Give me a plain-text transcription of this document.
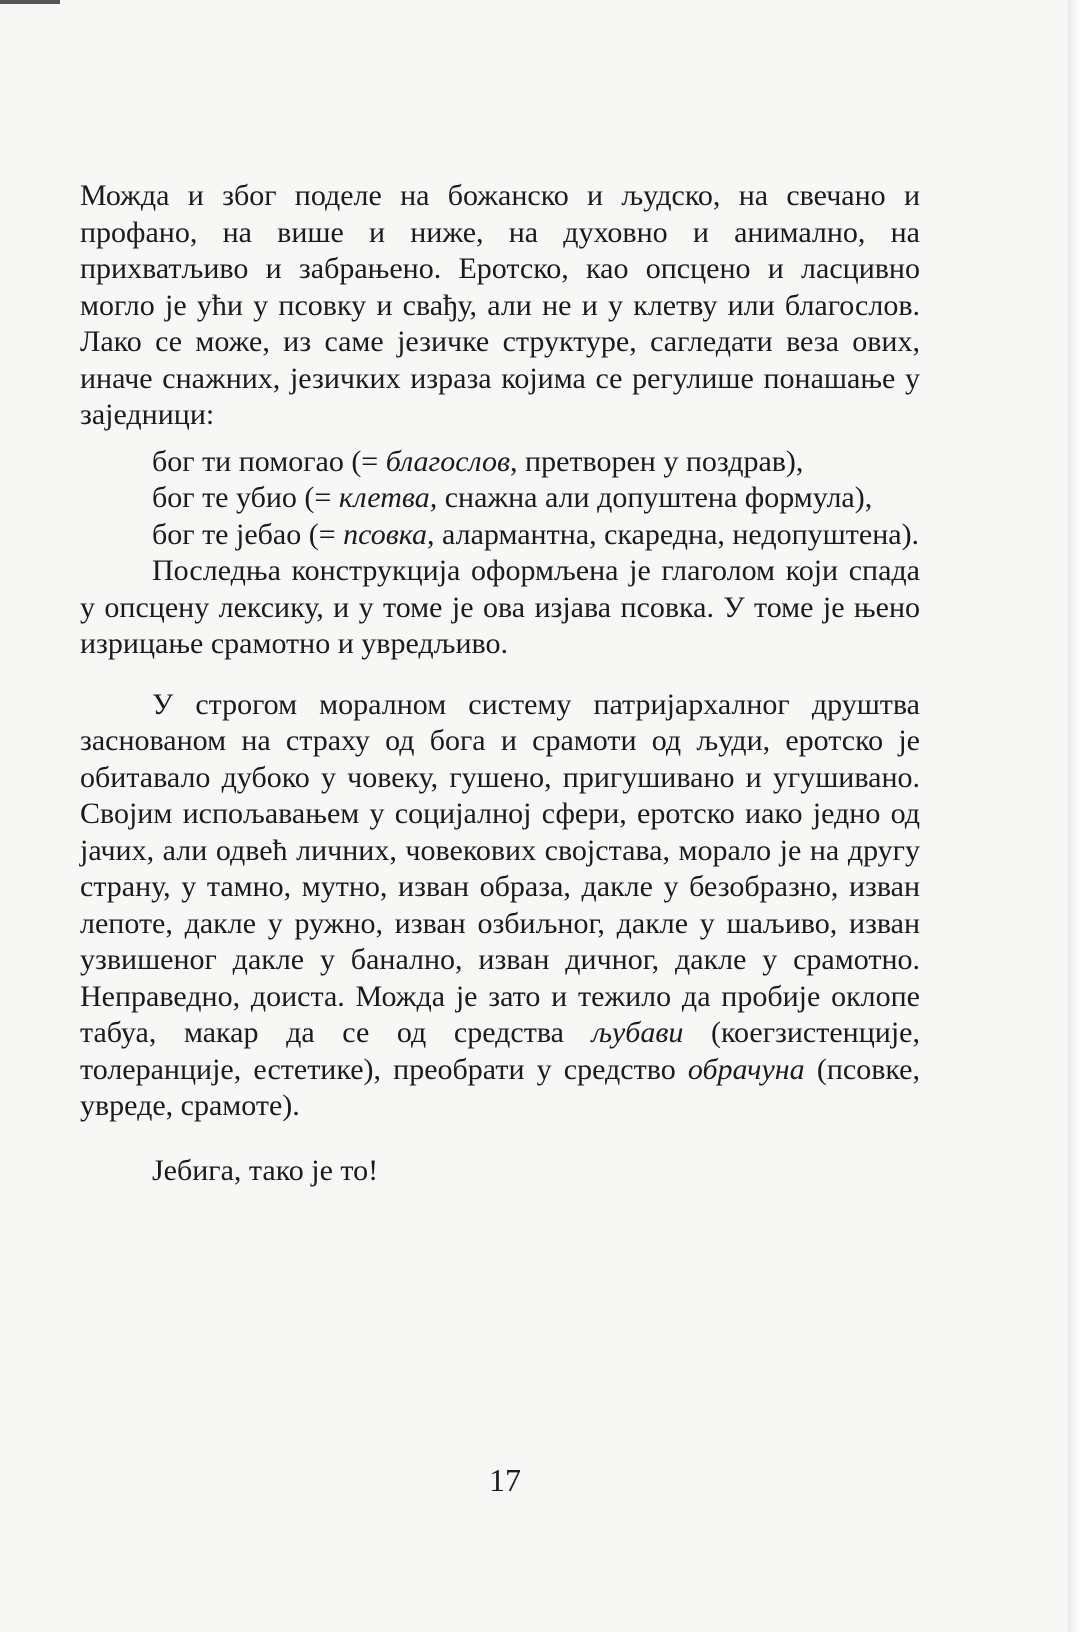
Можда и због поделе на божанско и људско, на свечано и профано, на више и ниже, на духовно и анимално, на прихватљиво и забрањено. Еротско, као опсцено и ласцивно могло је ући у псовку и свађу, али не и у клетву или благослов. Лако се може, из саме језичке структуре, сагледати веза ових, иначе снажних, језичких израза којима се регулише понашање у заједници:

бог ти помогао (= благослов, претворен у поздрав),

бог те убио (= клетва, снажна али допуштена формула),

бог те јебао (= псовка, алармантна, скаредна, недопуштена).

Последња конструкција оформљена је глаголом који спада у опсцену лексику, и у томе је ова изјава псовка. У томе је њено изрицање срамотно и увредљиво.

У строгом моралном систему патријархалног друштва заснованом на страху од бога и срамоти од људи, еротско је обитавало дубоко у човеку, гушено, пригушивано и угушивано. Својим испољавањем у социјалној сфери, еротско иако једно од јачих, али одвећ личних, човекових својстава, морало је на другу страну, у тамно, мутно, изван образа, дакле у безобразно, изван лепоте, дакле у ружно, изван озбиљног, дакле у шаљиво, изван узвишеног дакле у банално, изван дичног, дакле у срамотно. Неправедно, доиста. Можда је зато и тежило да пробије оклопе табуа, макар да се од средства љубави (коегзистенције, толеранције, естетике), преобрати у средство обрачуна (псовке, увреде, срамоте).

Јебига, тако је то!

17
